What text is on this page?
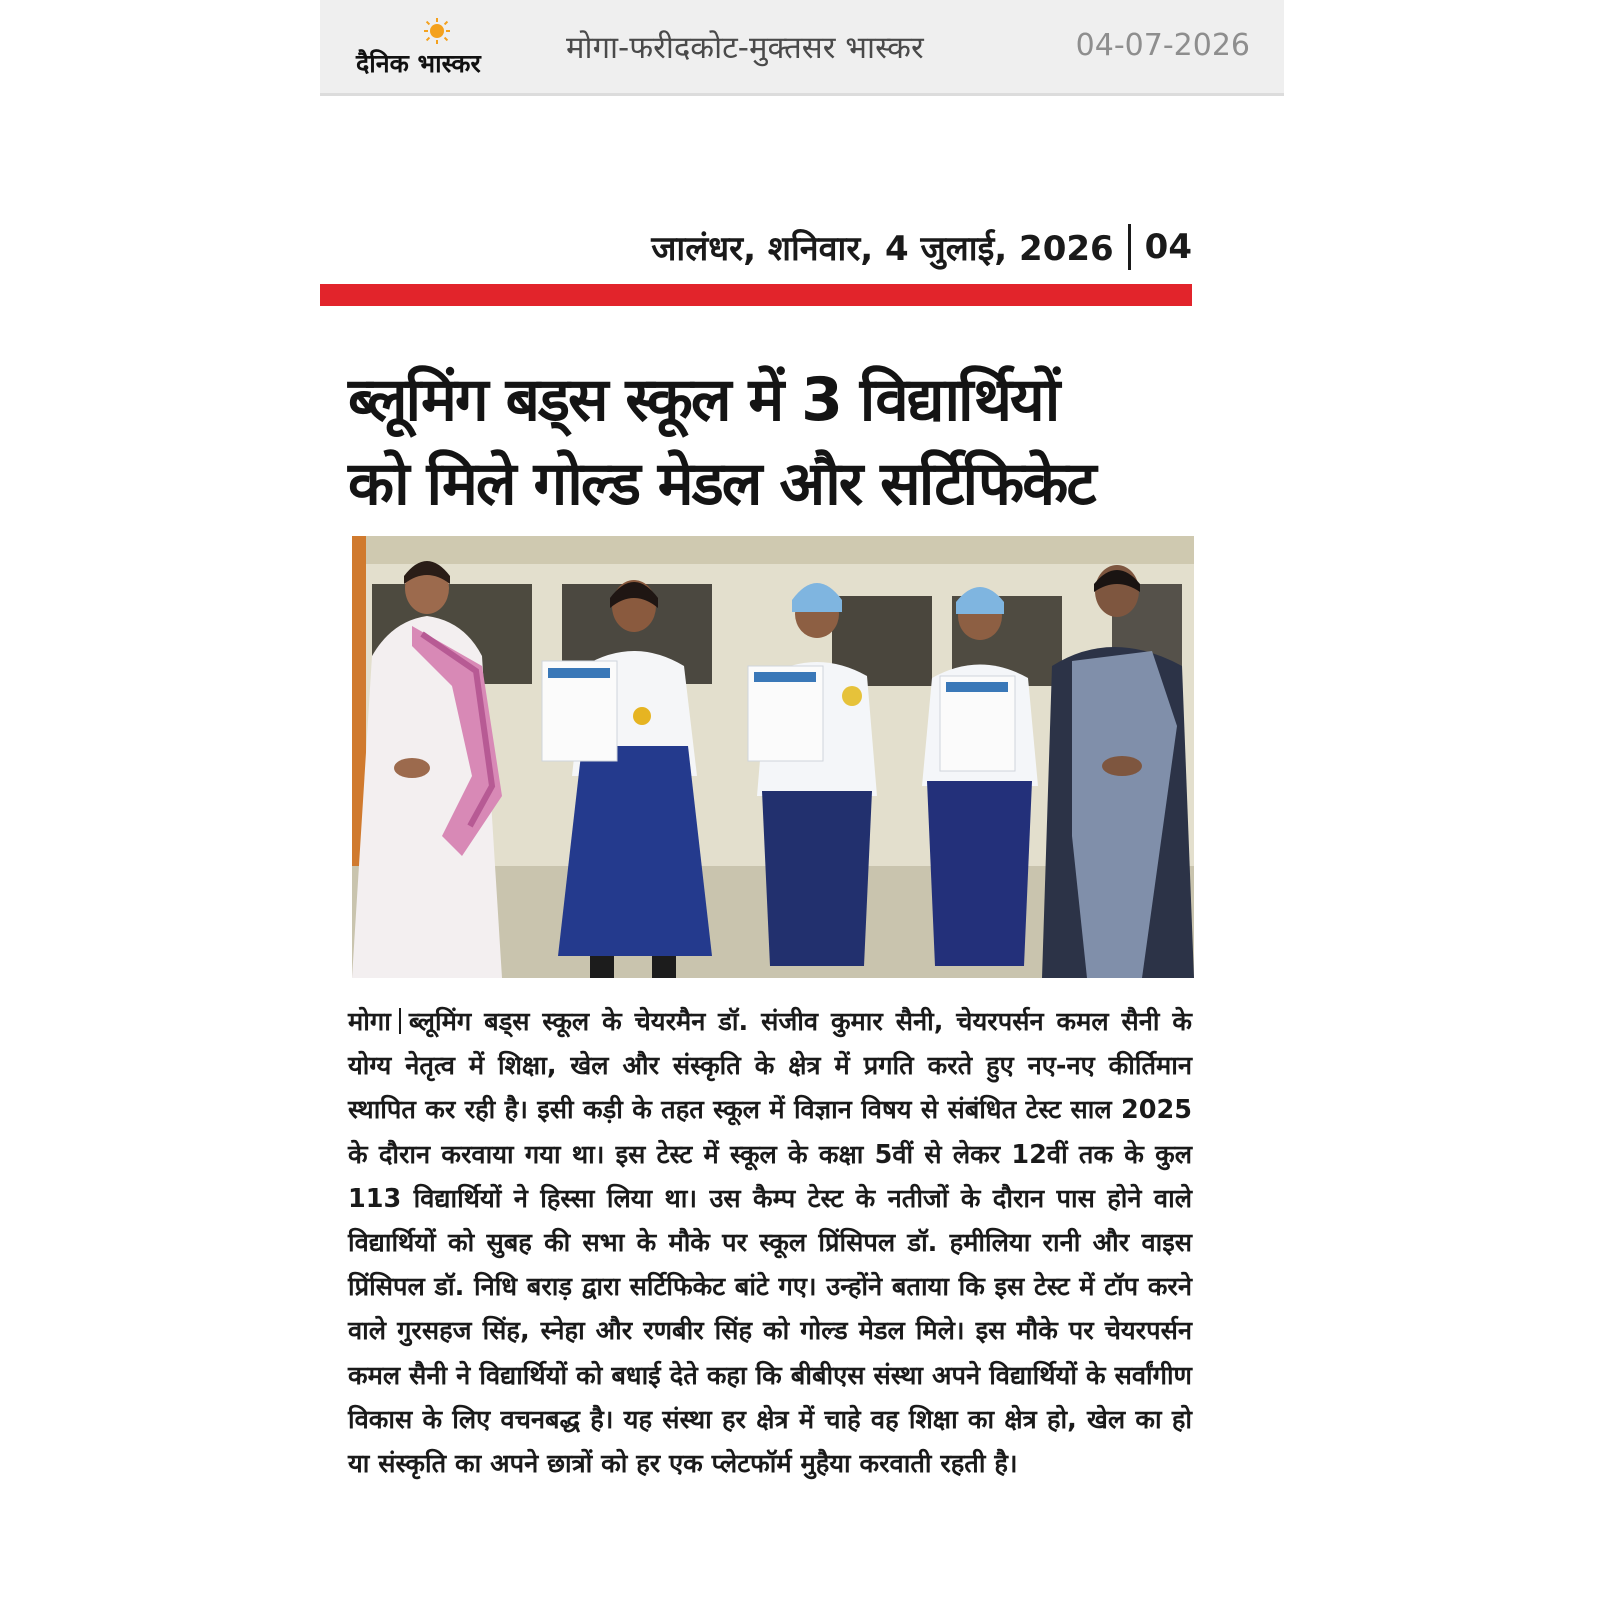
दैनिक भास्कर	मोगा-फरीदकोट-मुक्तसर भास्कर	04-07-2026
जालंधर, शनिवार, 4 जुलाई, 2026 04
ब्लूमिंग बड्स स्कूल में 3 विद्यार्थियों
को मिले गोल्ड मेडल और सर्टिफिकेट
मोगा ब्लूमिंग बड्स स्कूल के चेयरमैन डॉ. संजीव कुमार सैनी, चेयरपर्सन कमल सैनी के योग्य नेतृत्व में शिक्षा, खेल और संस्कृति के क्षेत्र में प्रगति करते हुए नए-नए कीर्तिमान स्थापित कर रही है। इसी कड़ी के तहत स्कूल में विज्ञान विषय से संबंधित टेस्ट साल 2025 के दौरान करवाया गया था। इस टेस्ट में स्कूल के कक्षा 5वीं से लेकर 12वीं तक के कुल 113 विद्यार्थियों ने हिस्सा लिया था। उस कैम्प टेस्ट के नतीजों के दौरान पास होने वाले विद्यार्थियों को सुबह की सभा के मौके पर स्कूल प्रिंसिपल डॉ. हमीलिया रानी और वाइस प्रिंसिपल डॉ. निधि बराड़ द्वारा सर्टिफिकेट बांटे गए। उन्होंने बताया कि इस टेस्ट में टॉप करने वाले गुरसहज सिंह, स्नेहा और रणबीर सिंह को गोल्ड मेडल मिले। इस मौके पर चेयरपर्सन कमल सैनी ने विद्यार्थियों को बधाई देते कहा कि बीबीएस संस्था अपने विद्यार्थियों के सर्वांगीण विकास के लिए वचनबद्ध है। यह संस्था हर क्षेत्र में चाहे वह शिक्षा का क्षेत्र हो, खेल का हो या संस्कृति का अपने छात्रों को हर एक प्लेटफॉर्म मुहैया करवाती रहती है।
